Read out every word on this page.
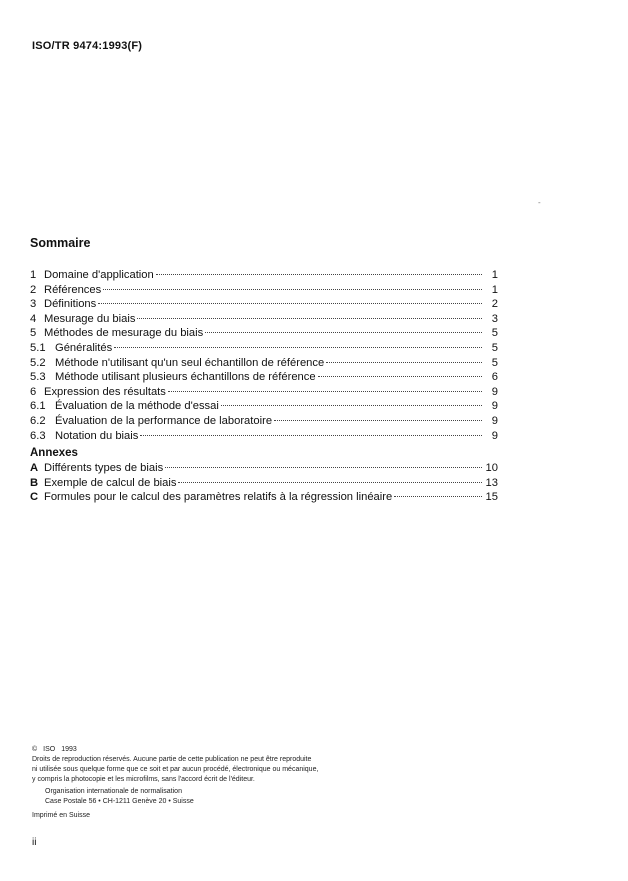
ISO/TR 9474:1993(F)
-
Sommaire
1 Domaine d'application	1
2 Références	1
3 Définitions	2
4 Mesurage du biais	3
5 Méthodes de mesurage du biais	5
5.1 Généralités	5
5.2 Méthode n'utilisant qu'un seul échantillon de référence	5
5.3 Méthode utilisant plusieurs échantillons de référence	6
6 Expression des résultats	9
6.1 Évaluation de la méthode d'essai	9
6.2 Évaluation de la performance de laboratoire	9
6.3 Notation du biais	9
Annexes
A Différents types de biais	10
B Exemple de calcul de biais	13
C Formules pour le calcul des paramètres relatifs à la régression linéaire	15
© ISO 1993
Droits de reproduction réservés. Aucune partie de cette publication ne peut être reproduite
ni utilisée sous quelque forme que ce soit et par aucun procédé, électronique ou mécanique,
y compris la photocopie et les microfilms, sans l'accord écrit de l'éditeur.
Organisation internationale de normalisation
Case Postale 56 • CH-1211 Genève 20 • Suisse
Imprimé en Suisse
ii
